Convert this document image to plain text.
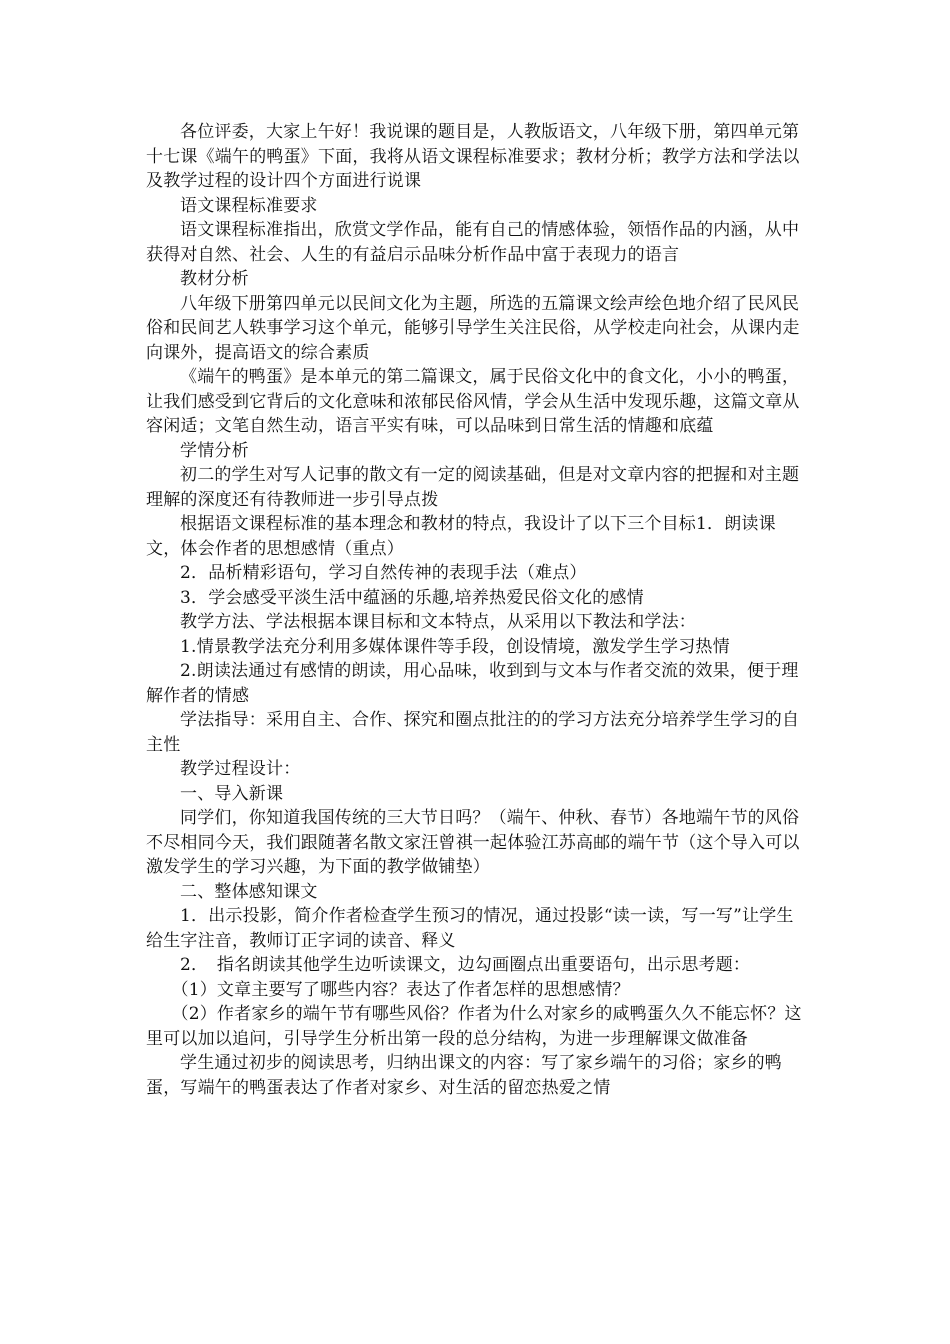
各位评委，大家上午好！我说课的题目是，人教版语文，八年级下册，第四单元第十七课《端午的鸭蛋》下面，我将从语文课程标准要求；教材分析；教学方法和学法以及教学过程的设计四个方面进行说课

语文课程标准要求

语文课程标准指出，欣赏文学作品，能有自己的情感体验，领悟作品的内涵，从中获得对自然、社会、人生的有益启示品味分析作品中富于表现力的语言

教材分析

八年级下册第四单元以民间文化为主题，所选的五篇课文绘声绘色地介绍了民风民俗和民间艺人轶事学习这个单元，能够引导学生关注民俗，从学校走向社会，从课内走向课外，提高语文的综合素质

《端午的鸭蛋》是本单元的第二篇课文，属于民俗文化中的食文化，小小的鸭蛋，让我们感受到它背后的文化意味和浓郁民俗风情，学会从生活中发现乐趣，这篇文章从容闲适；文笔自然生动，语言平实有味，可以品味到日常生活的情趣和底蕴

学情分析

初二的学生对写人记事的散文有一定的阅读基础，但是对文章内容的把握和对主题理解的深度还有待教师进一步引导点拨

根据语文课程标准的基本理念和教材的特点，我设计了以下三个目标1．朗读课文，体会作者的思想感情（重点）

2．品析精彩语句，学习自然传神的表现手法（难点）

3．学会感受平淡生活中蕴涵的乐趣,培养热爱民俗文化的感情

教学方法、学法根据本课目标和文本特点，从采用以下教法和学法：

1.情景教学法充分利用多媒体课件等手段，创设情境，激发学生学习热情

2.朗读法通过有感情的朗读，用心品味，收到到与文本与作者交流的效果，便于理解作者的情感

学法指导：采用自主、合作、探究和圈点批注的的学习方法充分培养学生学习的自主性

教学过程设计：

一、导入新课

同学们，你知道我国传统的三大节日吗？（端午、仲秋、春节）各地端午节的风俗不尽相同今天，我们跟随著名散文家汪曾祺一起体验江苏高邮的端午节（这个导入可以激发学生的学习兴趣，为下面的教学做铺垫）

二、整体感知课文

1．出示投影，简介作者检查学生预习的情况，通过投影“读一读，写一写”让学生给生字注音，教师订正字词的读音、释义

2．　指名朗读其他学生边听读课文，边勾画圈点出重要语句，出示思考题：

（1）文章主要写了哪些内容？表达了作者怎样的思想感情？

（2）作者家乡的端午节有哪些风俗？作者为什么对家乡的咸鸭蛋久久不能忘怀？这里可以加以追问，引导学生分析出第一段的总分结构，为进一步理解课文做准备

学生通过初步的阅读思考，归纳出课文的内容：写了家乡端午的习俗；家乡的鸭蛋，写端午的鸭蛋表达了作者对家乡、对生活的留恋热爱之情
